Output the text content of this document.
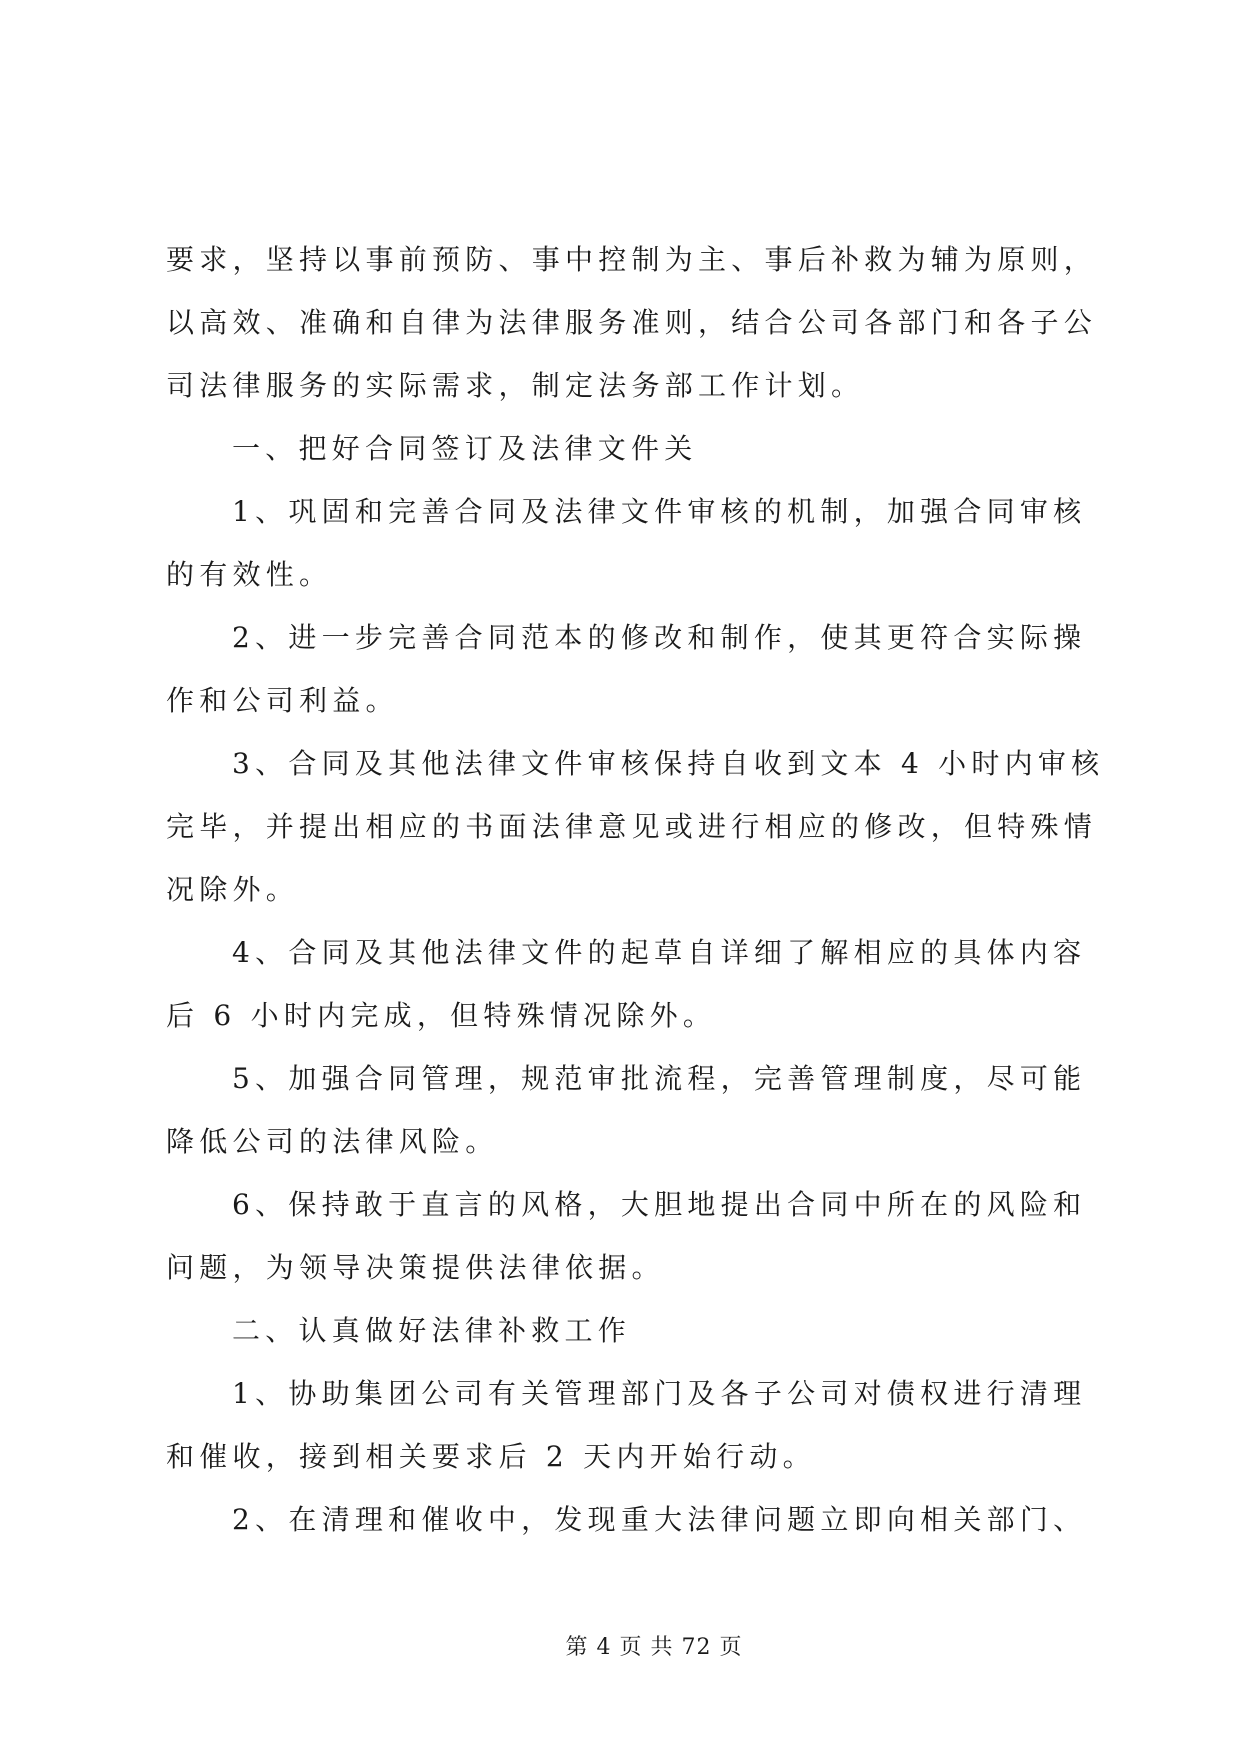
要求，坚持以事前预防、事中控制为主、事后补救为辅为原则，
以高效、准确和自律为法律服务准则，结合公司各部门和各子公
司法律服务的实际需求，制定法务部工作计划。
一、把好合同签订及法律文件关
1、巩固和完善合同及法律文件审核的机制，加强合同审核
的有效性。
2、进一步完善合同范本的修改和制作，使其更符合实际操
作和公司利益。
3、合同及其他法律文件审核保持自收到文本 4 小时内审核
完毕，并提出相应的书面法律意见或进行相应的修改，但特殊情
况除外。
4、合同及其他法律文件的起草自详细了解相应的具体内容
后 6 小时内完成，但特殊情况除外。
5、加强合同管理，规范审批流程，完善管理制度，尽可能
降低公司的法律风险。
6、保持敢于直言的风格，大胆地提出合同中所在的风险和
问题，为领导决策提供法律依据。
二、认真做好法律补救工作
1、协助集团公司有关管理部门及各子公司对债权进行清理
和催收，接到相关要求后 2 天内开始行动。
2、在清理和催收中，发现重大法律问题立即向相关部门、
第 4 页 共 72 页
